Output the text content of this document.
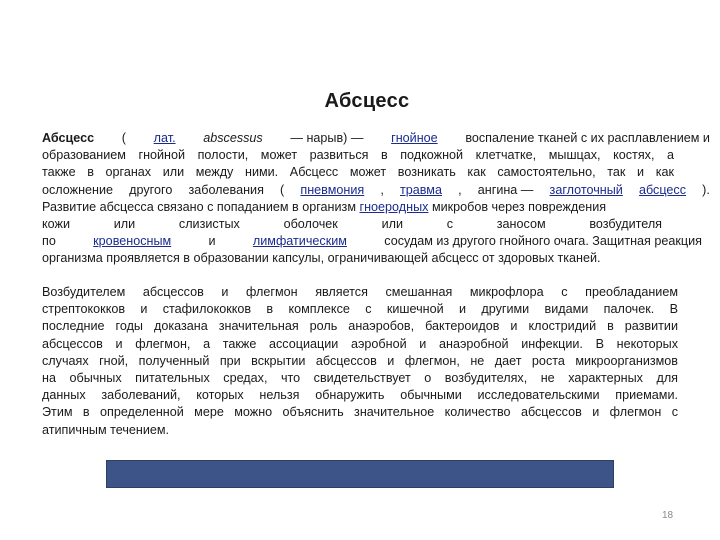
Абсцесс
Абсцесс ( лат. abscessus — нарыв) — гнойное воспаление тканей с их расплавлением и
образованием гнойной полости, может развиться в подкожной клетчатке, мышцах, костях, а
также в органах или между ними. Абсцесс может возникать как самостоятельно, так и как
осложнение другого заболевания ( пневмония , травма , ангина — заглоточный абсцесс ).
Развитие абсцесса связано с попаданием в организм
гноеродных
микробов через повреждения
кожи	или	слизистых	оболочек	или	с	заносом	возбудителя
по	кровеносным	и	лимфатическим	сосудам из другого гнойного очага. Защитная реакция
организма проявляется в образовании капсулы, ограничивающей абсцесс от здоровых тканей.
Возбудителем абсцессов и флегмон является смешанная микрофлора с преобладанием
стрептококков и стафилококков в комплексе с кишечной и другими видами палочек. В
последние годы доказана значительная роль анаэробов, бактероидов и клостридий в развитии
абсцессов и флегмон, а также ассоциации аэробной и анаэробной инфекции. В некоторых
случаях гной, полученный при вскрытии абсцессов и флегмон, не дает роста микроорганизмов
на обычных питательных средах, что свидетельствует о возбудителях, не характерных для
данных заболеваний, которых нельзя обнаружить обычными исследовательскими приемами.
Этим в определенной мере можно объяснить значительное количество абсцессов и флегмон с
атипичным течением.
18
